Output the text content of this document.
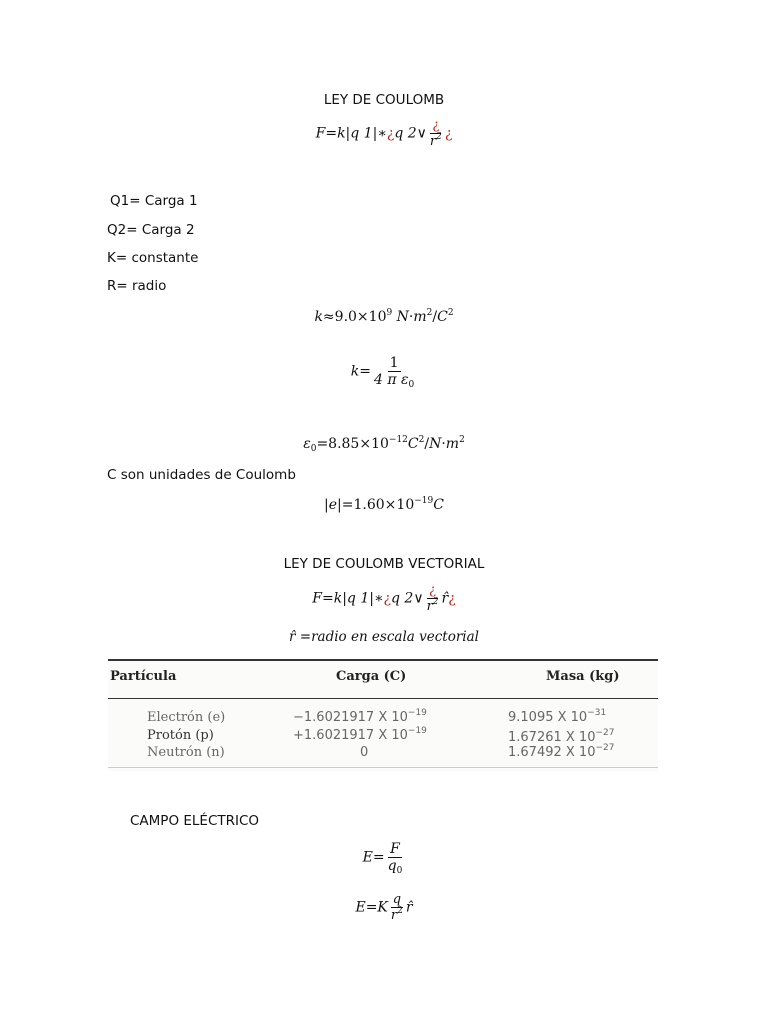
LEY DE COULOMB
F=k|q 1|∗¿q 2∨ $\frac{¿}{r^2}$ ¿
Q1= Carga 1
Q2= Carga 2
K= constante
R= radio
$k\approx 9.0\times 10^9$ $N\cdot m^2/C^2$
$k= \frac{1}{4 \pi \varepsilon_0}$
$\varepsilon_0=8.85\times 10^{-12}C^2/N\cdot m^2$
C son unidades de Coulomb
$|e|=1.60\times 10^{-19}C$
LEY DE COULOMB VECTORIAL
F=k|q 1|∗¿q 2∨ $\frac{¿}{r^2}$ r̂¿
r̂ =radio en escala vectorial
Partícula	Carga (C)	Masa (kg)
Electrón (e)	−1.6021917 X $10^{-19}$	9.1095 X $10^{-31}$
Protón (p)	+1.6021917 X $10^{-19}$	1.67261 X $10^{-27}$
Neutrón (n)	0	1.67492 X $10^{-27}$
CAMPO ELÉCTRICO
$E= \frac{F}{q_0}$
$E=K \frac{q}{r^2}$ r̂
